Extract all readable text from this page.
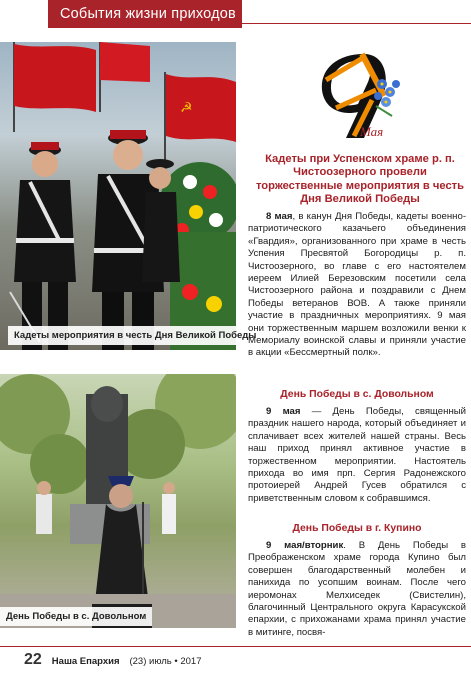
События жизни приходов
☭
Кадеты мероприятия в честь Дня Великой Победы
День Победы в с. Довольном
Мая
Кадеты при Успенском храме р. п. Чистоозерного провели торжественные мероприятия в честь Дня Великой Победы

8 мая, в канун Дня Победы, кадеты военно-патриотического казачьего объединения «Гвардия», организованного при храме в честь Успения Пресвятой Богородицы р. п. Чистоозерного, во главе с его настоятелем иереем Илией Березовским посетили села Чистоозерного района и поздравили с Днем Победы ветеранов ВОВ. А также приняли участие в праздничных мероприятиях. 9 мая они торжественным маршем возложили венки к Мемориалу воинской славы и приняли участие в акции «Бессмертный полк».

День Победы в с. Довольном

9 мая — День Победы, священный праздник нашего народа, который объединяет и сплачивает всех жителей нашей страны. Весь наш приход принял активное участие в торжественном мероприятии. Настоятель прихода во имя прп. Сергия Радонежского протоиерей Андрей Гусев обратился с приветственным словом к собравшимся.

День Победы в г. Купино

9 мая/вторник. В День Победы в Преображенском храме города Купино был совершен благодарственный молебен и панихида по усопшим воинам. После чего иеромонах Мелхиседек (Свистелин), благочинный Центрального округа Карасукской епархии, с прихожанами храма принял участие в митинге, посвя-

22 Наша Епархия (23) июль • 2017
